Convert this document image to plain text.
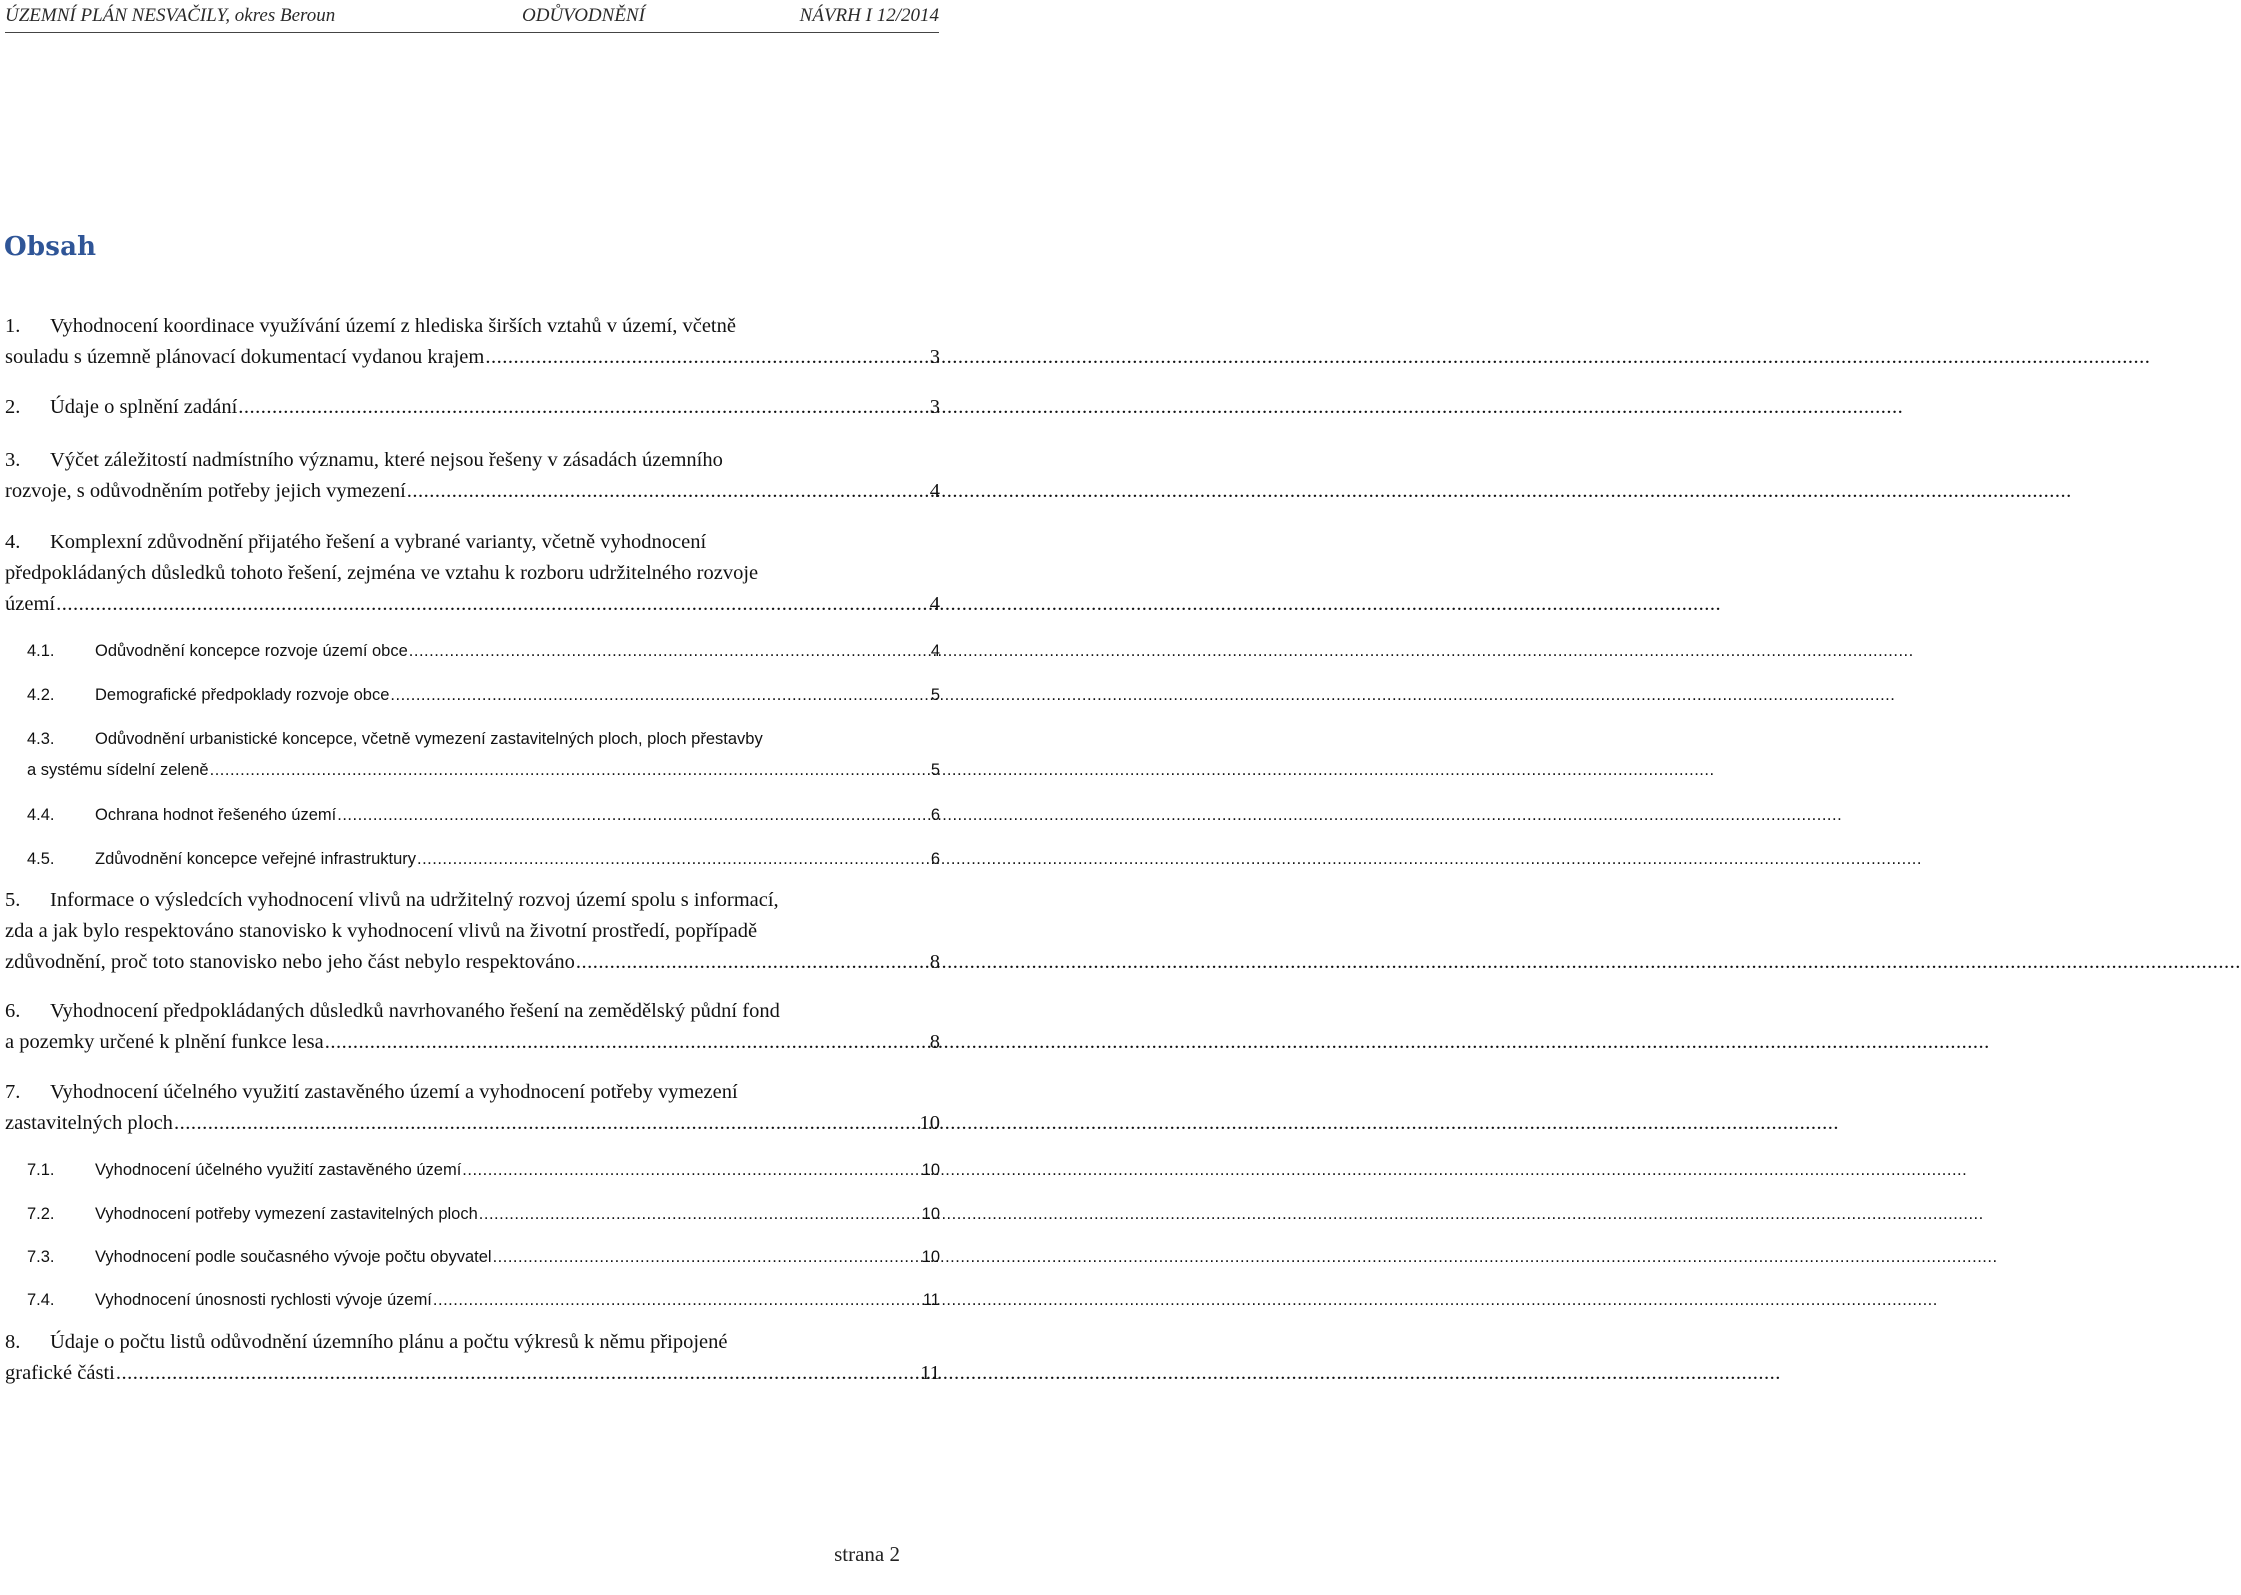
ÚZEMNÍ PLÁN NESVAČILY, okres Beroun	ODŮVODNĚNÍ	NÁVRH I 12/2014
Obsah
1.	Vyhodnocení koordinace využívání území z hlediska širších vztahů v území, včetně
souladu s územně plánovací dokumentací vydanou krajem .....	3
2.	Údaje o splnění zadání .....	3
3.	Výčet záležitostí nadmístního významu, které nejsou řešeny v zásadách územního
rozvoje, s odůvodněním potřeby jejich vymezení .....	4
4.	Komplexní zdůvodnění přijatého řešení a vybrané varianty, včetně vyhodnocení
předpokládaných důsledků tohoto řešení, zejména ve vztahu k rozboru udržitelného rozvoje
území .....	4
4.1.	Odůvodnění koncepce rozvoje území obce .....	4
4.2.	Demografické předpoklady rozvoje obce .....	5
4.3.	Odůvodnění urbanistické koncepce, včetně vymezení zastavitelných ploch, ploch přestavby
a systému sídelní zeleně .....	5
4.4.	Ochrana hodnot řešeného území .....	6
4.5.	Zdůvodnění koncepce veřejné infrastruktury .....	6
5.	Informace o výsledcích vyhodnocení vlivů na udržitelný rozvoj území spolu s informací,
zda a jak bylo respektováno stanovisko k vyhodnocení vlivů na životní prostředí, popřípadě
zdůvodnění, proč toto stanovisko nebo jeho část nebylo respektováno .....	8
6.	Vyhodnocení předpokládaných důsledků navrhovaného řešení na zemědělský půdní fond
a pozemky určené k plnění funkce lesa .....	8
7.	Vyhodnocení účelného využití zastavěného území a vyhodnocení potřeby vymezení
zastavitelných ploch .....	10
7.1.	Vyhodnocení účelného využití zastavěného území .....	10
7.2.	Vyhodnocení potřeby vymezení zastavitelných ploch .....	10
7.3.	Vyhodnocení podle současného vývoje počtu obyvatel .....	10
7.4.	Vyhodnocení únosnosti rychlosti vývoje území .....	11
8.	Údaje o počtu listů odůvodnění územního plánu a počtu výkresů k němu připojené
grafické části .....	11
strana 2
